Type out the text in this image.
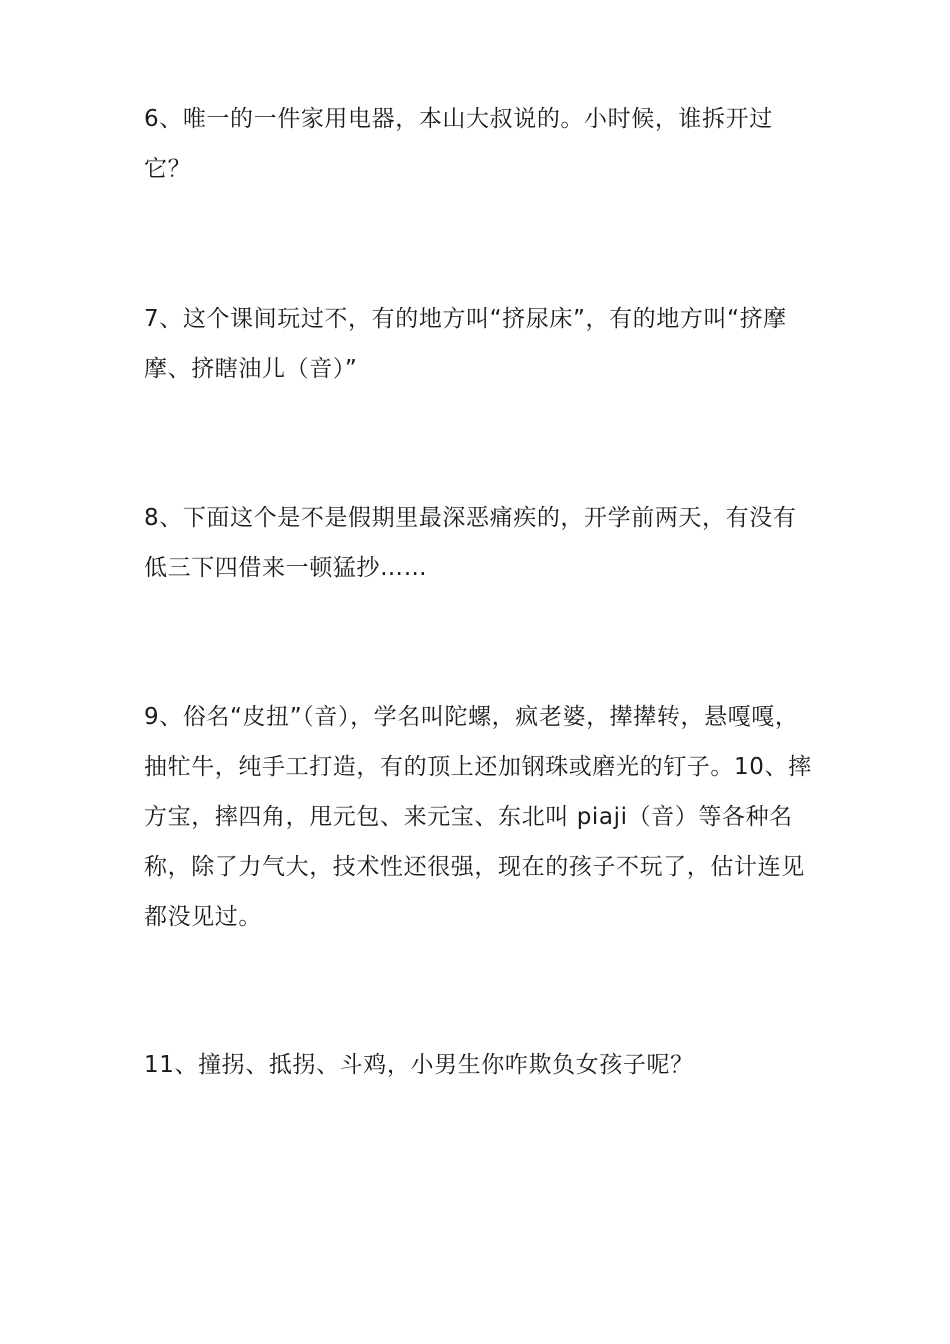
6、唯一的一件家用电器，本山大叔说的。小时候，谁拆开过它？

7、这个课间玩过不，有的地方叫“挤尿床”，有的地方叫“挤摩摩、挤瞎油儿（音）”

8、下面这个是不是假期里最深恶痛疾的，开学前两天，有没有低三下四借来一顿猛抄……

9、俗名“皮扭”（音），学名叫陀螺，疯老婆，撵撵转，悬嘎嘎，抽牤牛，纯手工打造，有的顶上还加钢珠或磨光的钉子。10、摔方宝，摔四角，甩元包、来元宝、东北叫 piaji（音）等各种名称，除了力气大，技术性还很强，现在的孩子不玩了，估计连见都没见过。

11、撞拐、抵拐、斗鸡，小男生你咋欺负女孩子呢？
